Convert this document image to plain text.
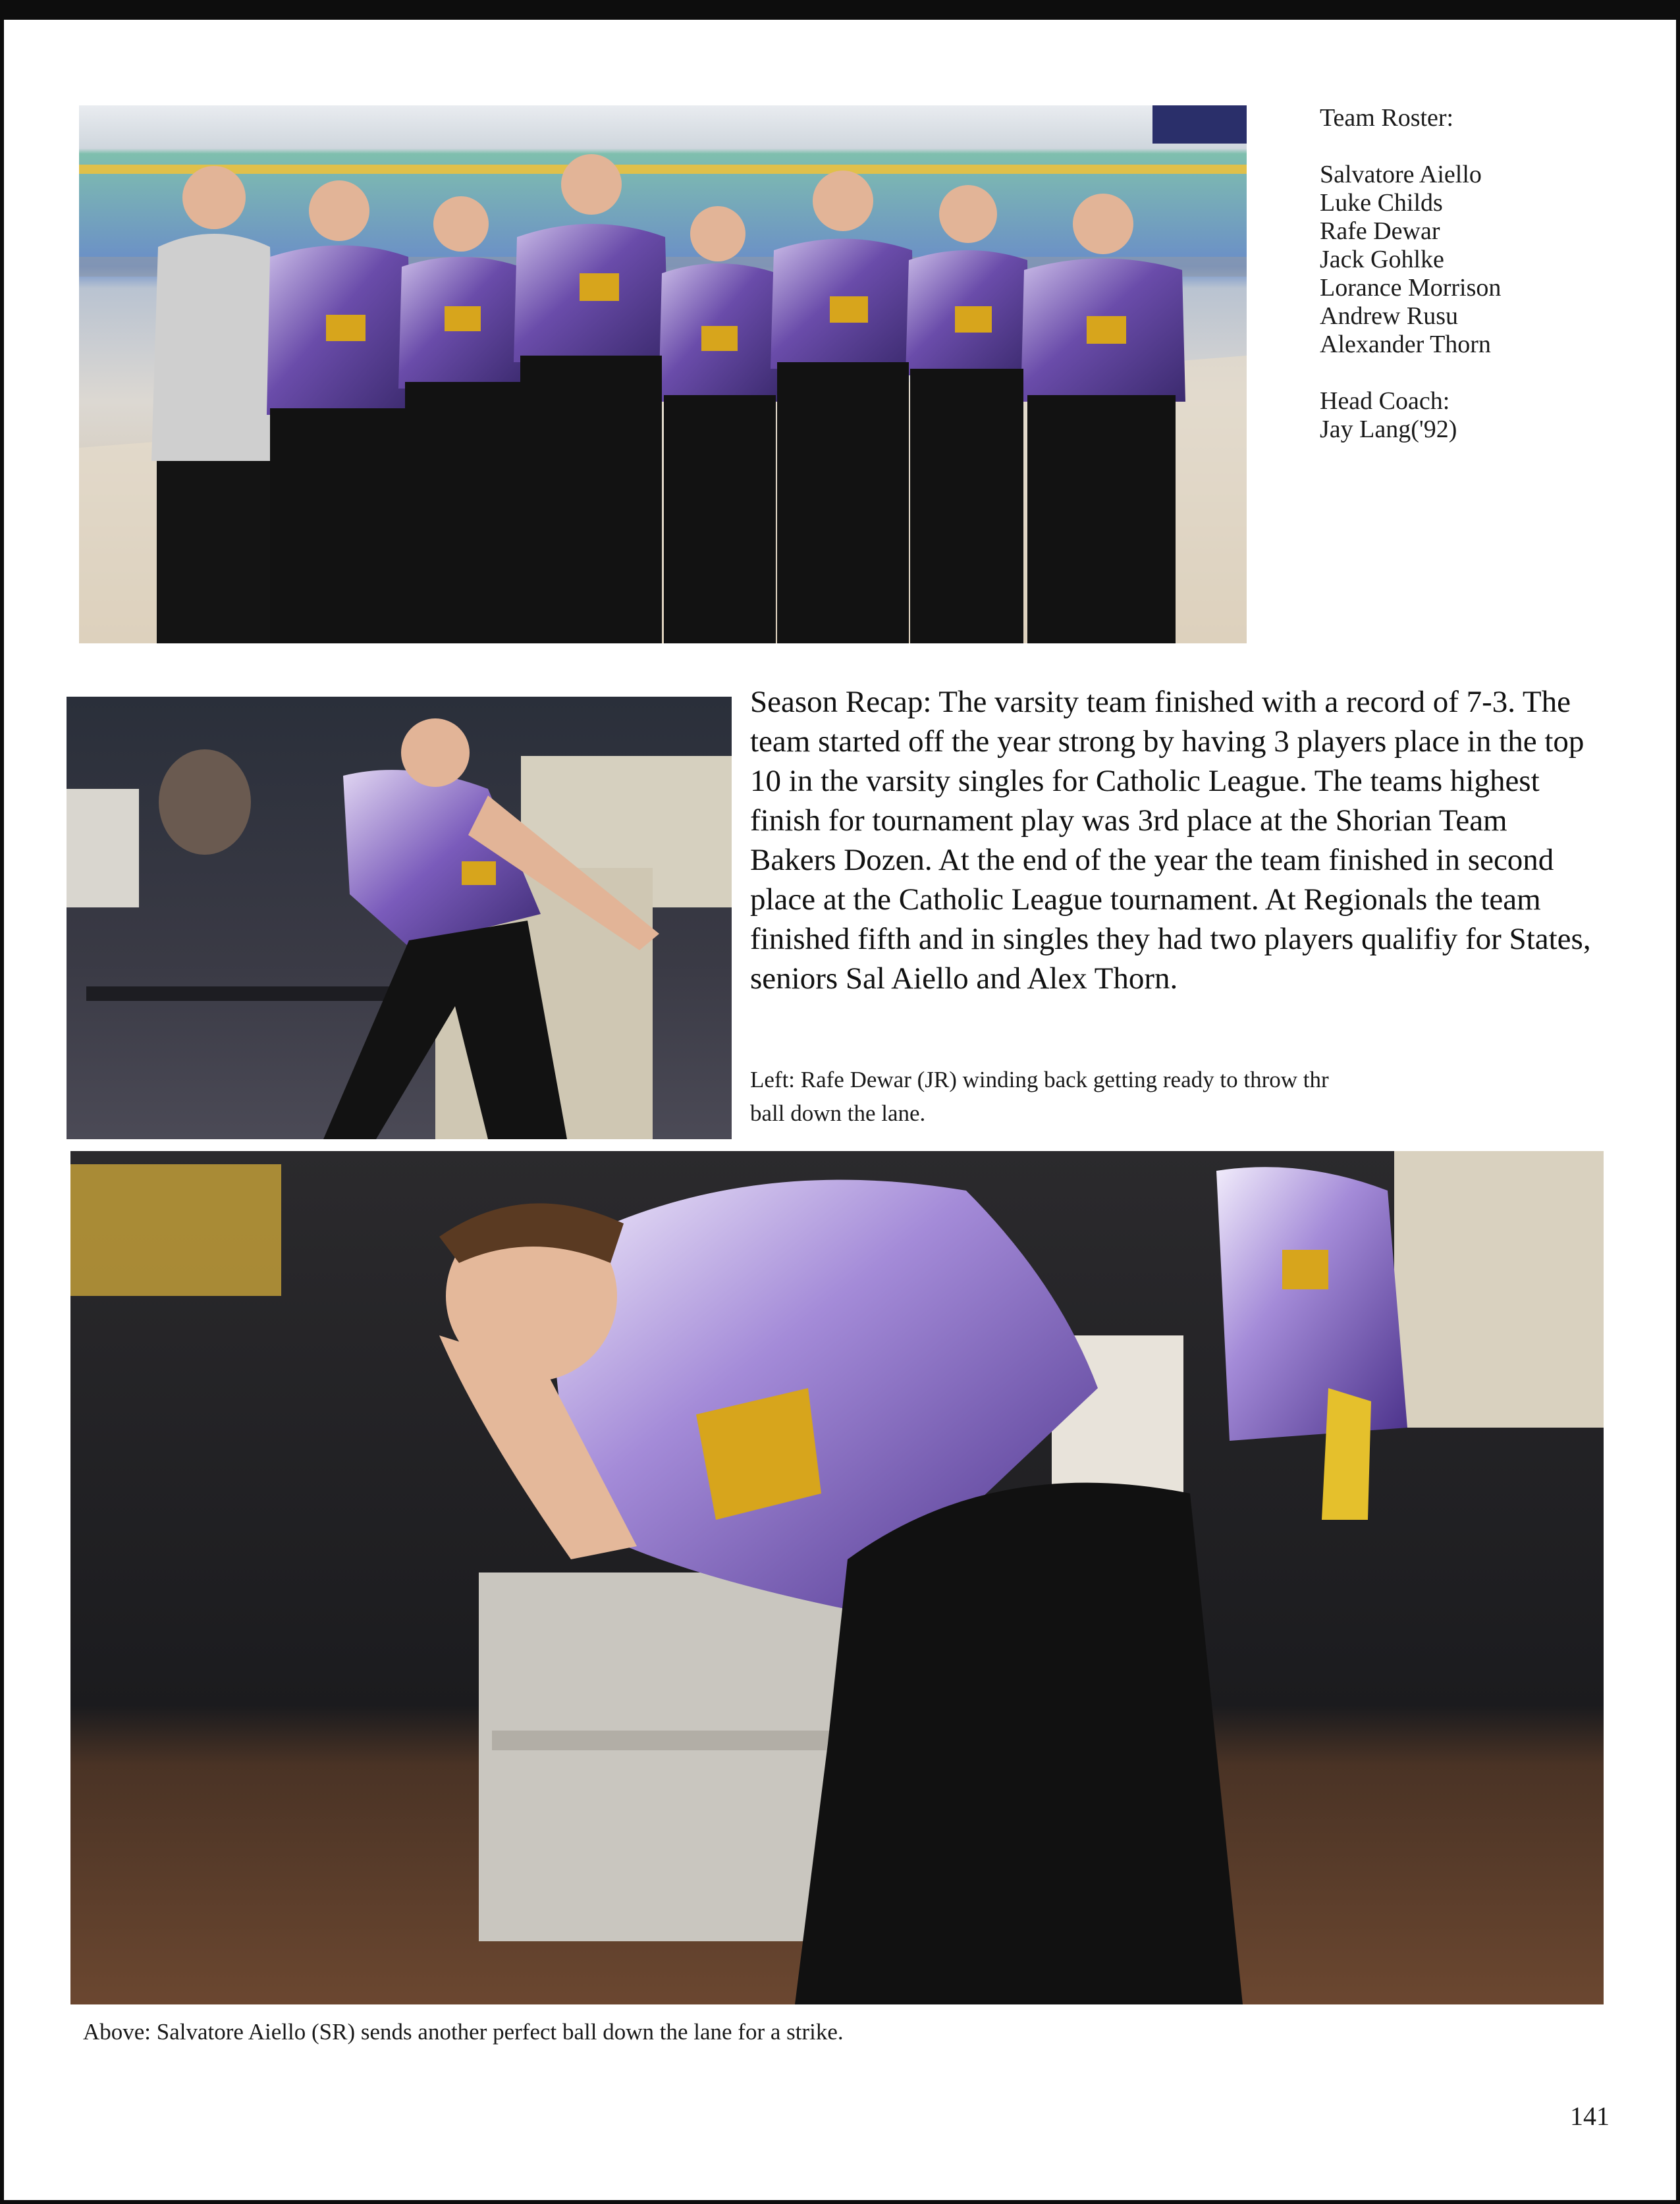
Team Roster:

Salvatore Aiello
Luke Childs
Rafe Dewar
Jack Gohlke
Lorance Morrison
Andrew Rusu
Alexander Thorn
Head Coach:
Jay Lang('92)

Season Recap: The varsity team finished with a record of 7-3. The team started off the year strong by having 3 players place in the top 10 in the varsity singles for Catholic League. The teams highest finish for tournament play was 3rd place at the Shorian Team Bakers Dozen. At the end of the year the team finished in second place at the Catholic League tournament. At Regionals the team finished fifth and in singles they had two players qualifiy for States, seniors Sal Aiello and Alex Thorn.

Left: Rafe Dewar (JR) winding back getting ready to throw thr ball down the lane.

Above: Salvatore Aiello (SR) sends another perfect ball down the lane for a strike.

141
